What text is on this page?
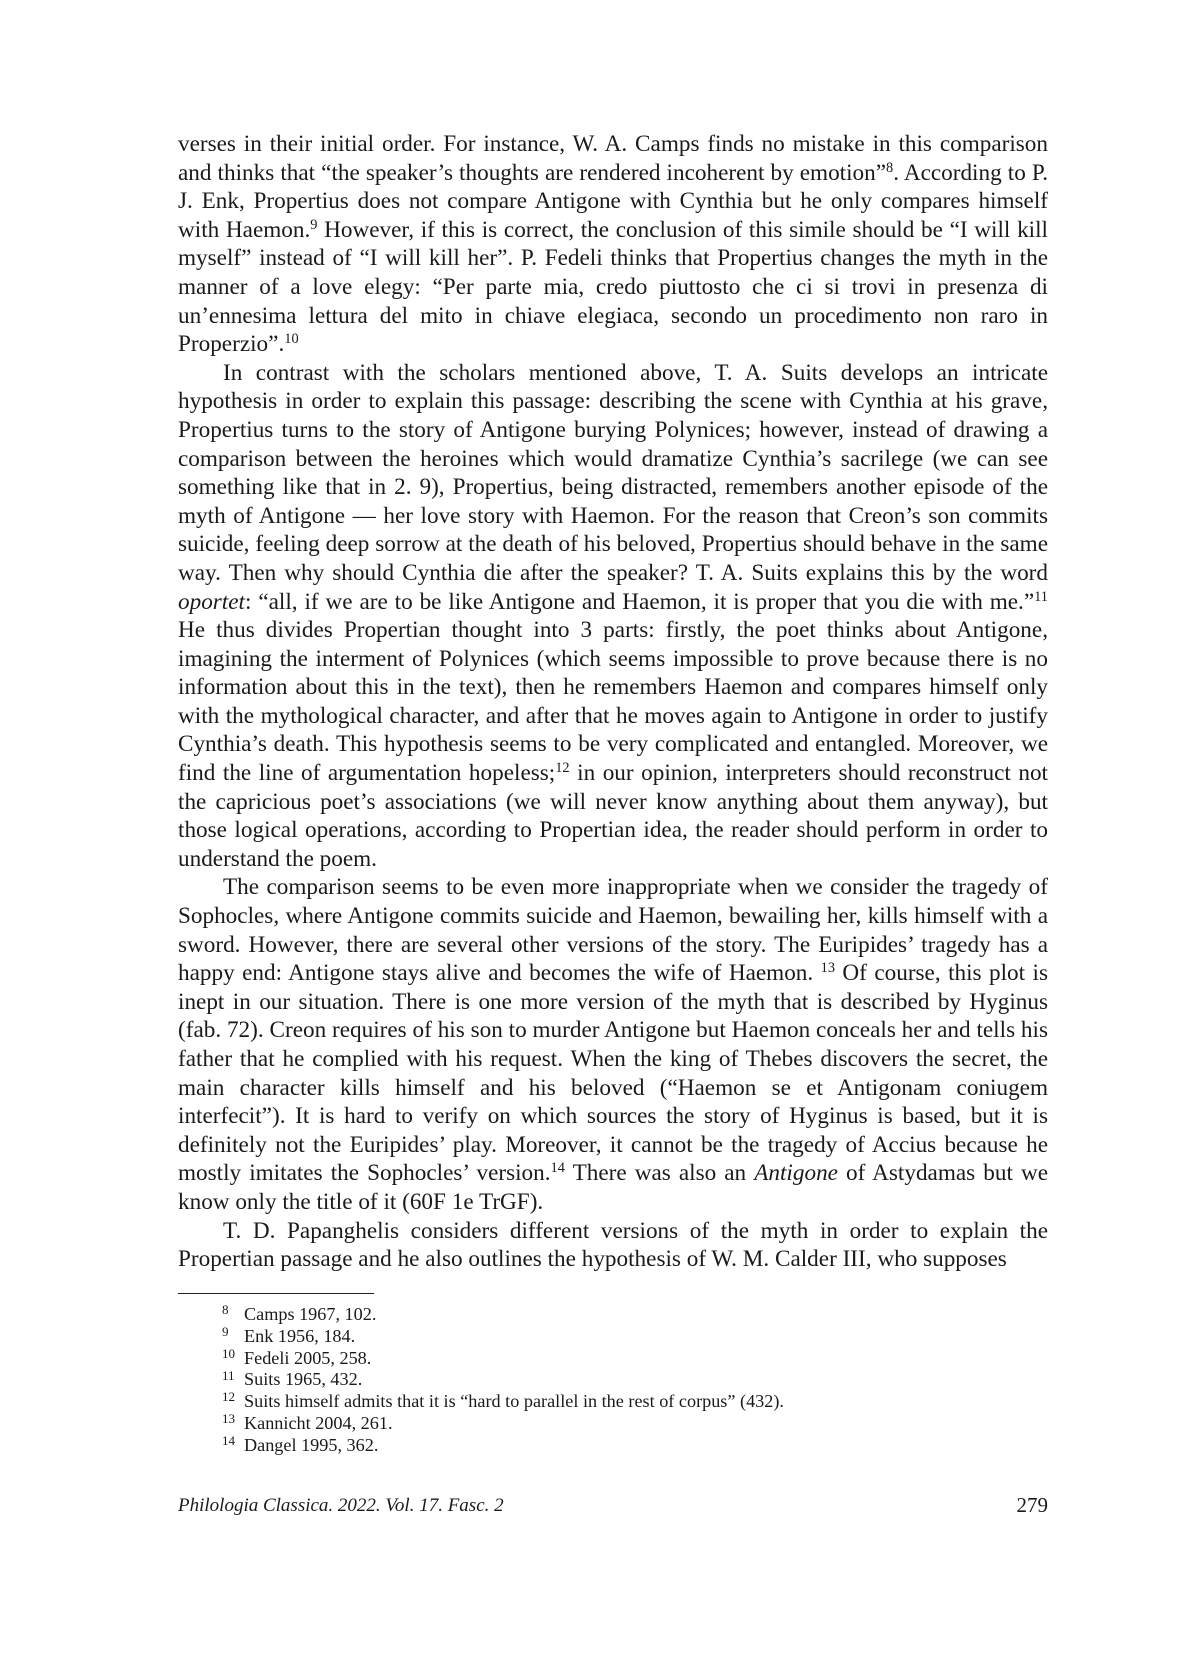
verses in their initial order. For instance, W. A. Camps finds no mistake in this comparison and thinks that “the speaker’s thoughts are rendered incoherent by emotion”$^8$. According to P. J. Enk, Propertius does not compare Antigone with Cynthia but he only compares himself with Haemon.$^9$ However, if this is correct, the conclusion of this simile should be “I will kill myself” instead of “I will kill her”. P. Fedeli thinks that Propertius changes the myth in the manner of a love elegy: “Per parte mia, credo piuttosto che ci si trovi in presenza di un’ennesima lettura del mito in chiave elegiaca, secondo un procedimento non raro in Properzio”.$^{10}$

In contrast with the scholars mentioned above, T. A. Suits develops an intricate hypothesis in order to explain this passage: describing the scene with Cynthia at his grave, Propertius turns to the story of Antigone burying Polynices; however, instead of drawing a comparison between the heroines which would dramatize Cynthia’s sacrilege (we can see something like that in 2. 9), Propertius, being distracted, remembers another episode of the myth of Antigone — her love story with Haemon. For the reason that Creon’s son commits suicide, feeling deep sorrow at the death of his beloved, Propertius should behave in the same way. Then why should Cynthia die after the speaker? T. A. Suits explains this by the word oportet: “all, if we are to be like Antigone and Haemon, it is proper that you die with me.”$^{11}$ He thus divides Propertian thought into 3 parts: firstly, the poet thinks about Antigone, imagining the interment of Polynices (which seems impossible to prove because there is no information about this in the text), then he remembers Haemon and compares himself only with the mythological character, and after that he moves again to Antigone in order to justify Cynthia’s death. This hypothesis seems to be very complicated and entangled. Moreover, we find the line of argumentation hopeless;$^{12}$ in our opinion, interpreters should reconstruct not the capricious poet’s associations (we will never know anything about them anyway), but those logical operations, according to Propertian idea, the reader should perform in order to understand the poem.

The comparison seems to be even more inappropriate when we consider the tragedy of Sophocles, where Antigone commits suicide and Haemon, bewailing her, kills himself with a sword. However, there are several other versions of the story. The Euripides’ tragedy has a happy end: Antigone stays alive and becomes the wife of Haemon. $^{13}$ Of course, this plot is inept in our situation. There is one more version of the myth that is described by Hyginus (fab. 72). Creon requires of his son to murder Antigone but Haemon conceals her and tells his father that he complied with his request. When the king of Thebes discovers the secret, the main character kills himself and his beloved (“Haemon se et Antigonam coniugem interfecit”). It is hard to verify on which sources the story of Hyginus is based, but it is definitely not the Euripides’ play. Moreover, it cannot be the tragedy of Accius because he mostly imitates the Sophocles’ version.$^{14}$ There was also an Antigone of Astydamas but we know only the title of it (60F 1e TrGF).

T. D. Papanghelis considers different versions of the myth in order to explain the Propertian passage and he also outlines the hypothesis of W. M. Calder III, who supposes

8 Camps 1967, 102.
9 Enk 1956, 184.
10 Fedeli 2005, 258.
11 Suits 1965, 432.
12 Suits himself admits that it is “hard to parallel in the rest of corpus” (432).
13 Kannicht 2004, 261.
14 Dangel 1995, 362.
Philologia Classica. 2022. Vol. 17. Fasc. 2	279
